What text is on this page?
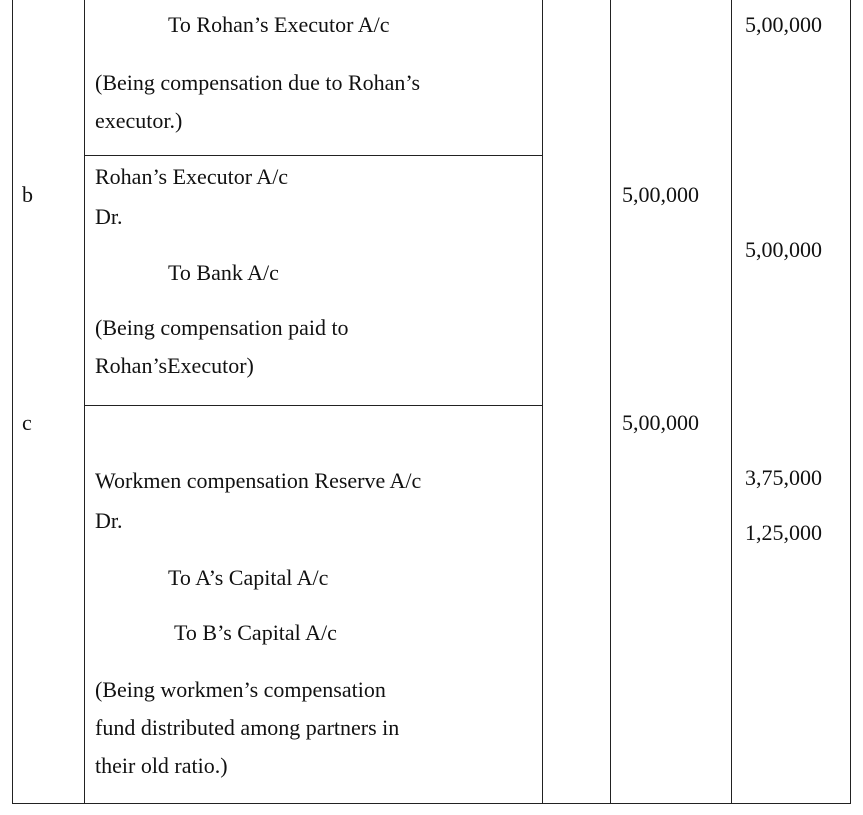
To Rohan’s Executor A/c
(Being compensation due to Rohan’s
executor.)
5,00,000
b
Rohan’s Executor A/c
Dr.
To Bank A/c
(Being compensation paid to
Rohan’sExecutor)
5,00,000
5,00,000
c
Workmen compensation Reserve A/c
Dr.
To A’s Capital A/c
To B’s Capital A/c
(Being workmen’s compensation
fund distributed among partners in
their old ratio.)
5,00,000
3,75,000
1,25,000
